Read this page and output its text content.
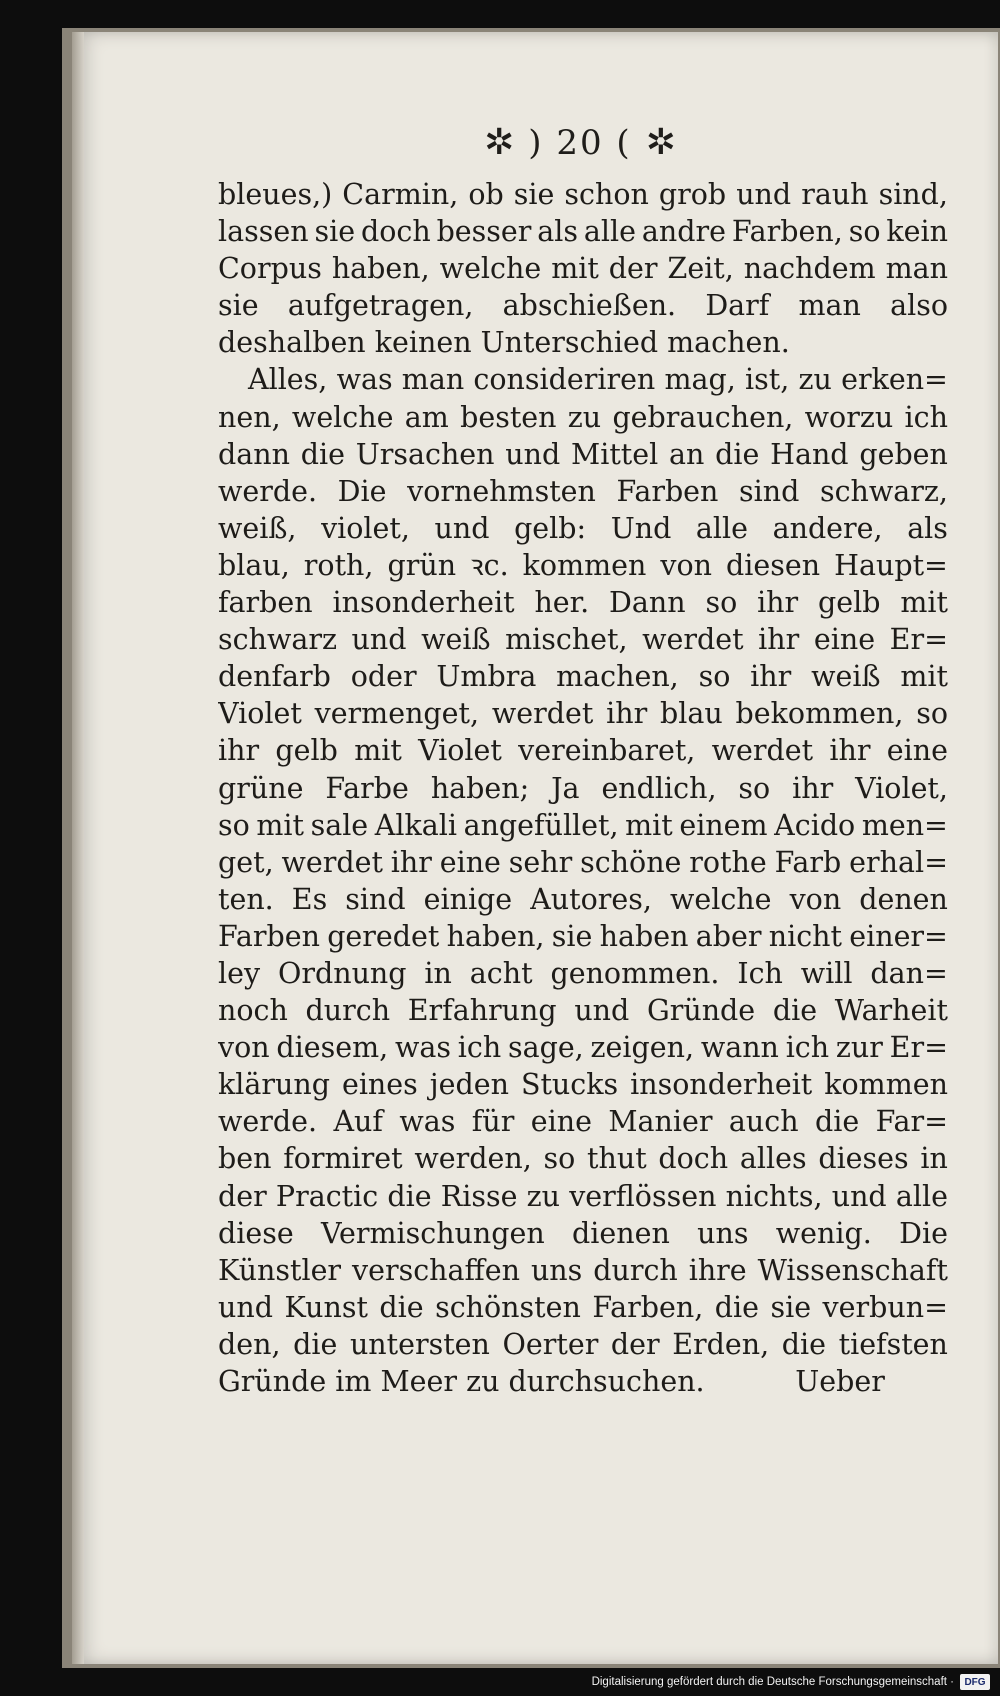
✲ ) 20 ( ✲
bleues,) Carmin, ob sie schon grob und rauh sind,
lassen sie doch besser als alle andre Farben, so kein
Corpus haben, welche mit der Zeit, nachdem man
sie aufgetragen, abschießen. Darf man also
deshalben keinen Unterschied machen.
Alles, was man consideriren mag, ist, zu erken=
nen, welche am besten zu gebrauchen, worzu ich
dann die Ursachen und Mittel an die Hand geben
werde. Die vornehmsten Farben sind schwarz,
weiß, violet, und gelb: Und alle andere, als
blau, roth, grün ꝛc. kommen von diesen Haupt=
farben insonderheit her. Dann so ihr gelb mit
schwarz und weiß mischet, werdet ihr eine Er=
denfarb oder Umbra machen, so ihr weiß mit
Violet vermenget, werdet ihr blau bekommen, so
ihr gelb mit Violet vereinbaret, werdet ihr eine
grüne Farbe haben; Ja endlich, so ihr Violet,
so mit sale Alkali angefüllet, mit einem Acido men=
get, werdet ihr eine sehr schöne rothe Farb erhal=
ten. Es sind einige Autores, welche von denen
Farben geredet haben, sie haben aber nicht einer=
ley Ordnung in acht genommen. Ich will dan=
noch durch Erfahrung und Gründe die Warheit
von diesem, was ich sage, zeigen, wann ich zur Er=
klärung eines jeden Stucks insonderheit kommen
werde. Auf was für eine Manier auch die Far=
ben formiret werden, so thut doch alles dieses in
der Practic die Risse zu verflössen nichts, und alle
diese Vermischungen dienen uns wenig. Die
Künstler verschaffen uns durch ihre Wissenschaft
und Kunst die schönsten Farben, die sie verbun=
den, die untersten Oerter der Erden, die tiefsten
Gründe im Meer zu durchsuchen.          Ueber
Digitalisierung gefördert durch die Deutsche Forschungsgemeinschaft ·	DFG
